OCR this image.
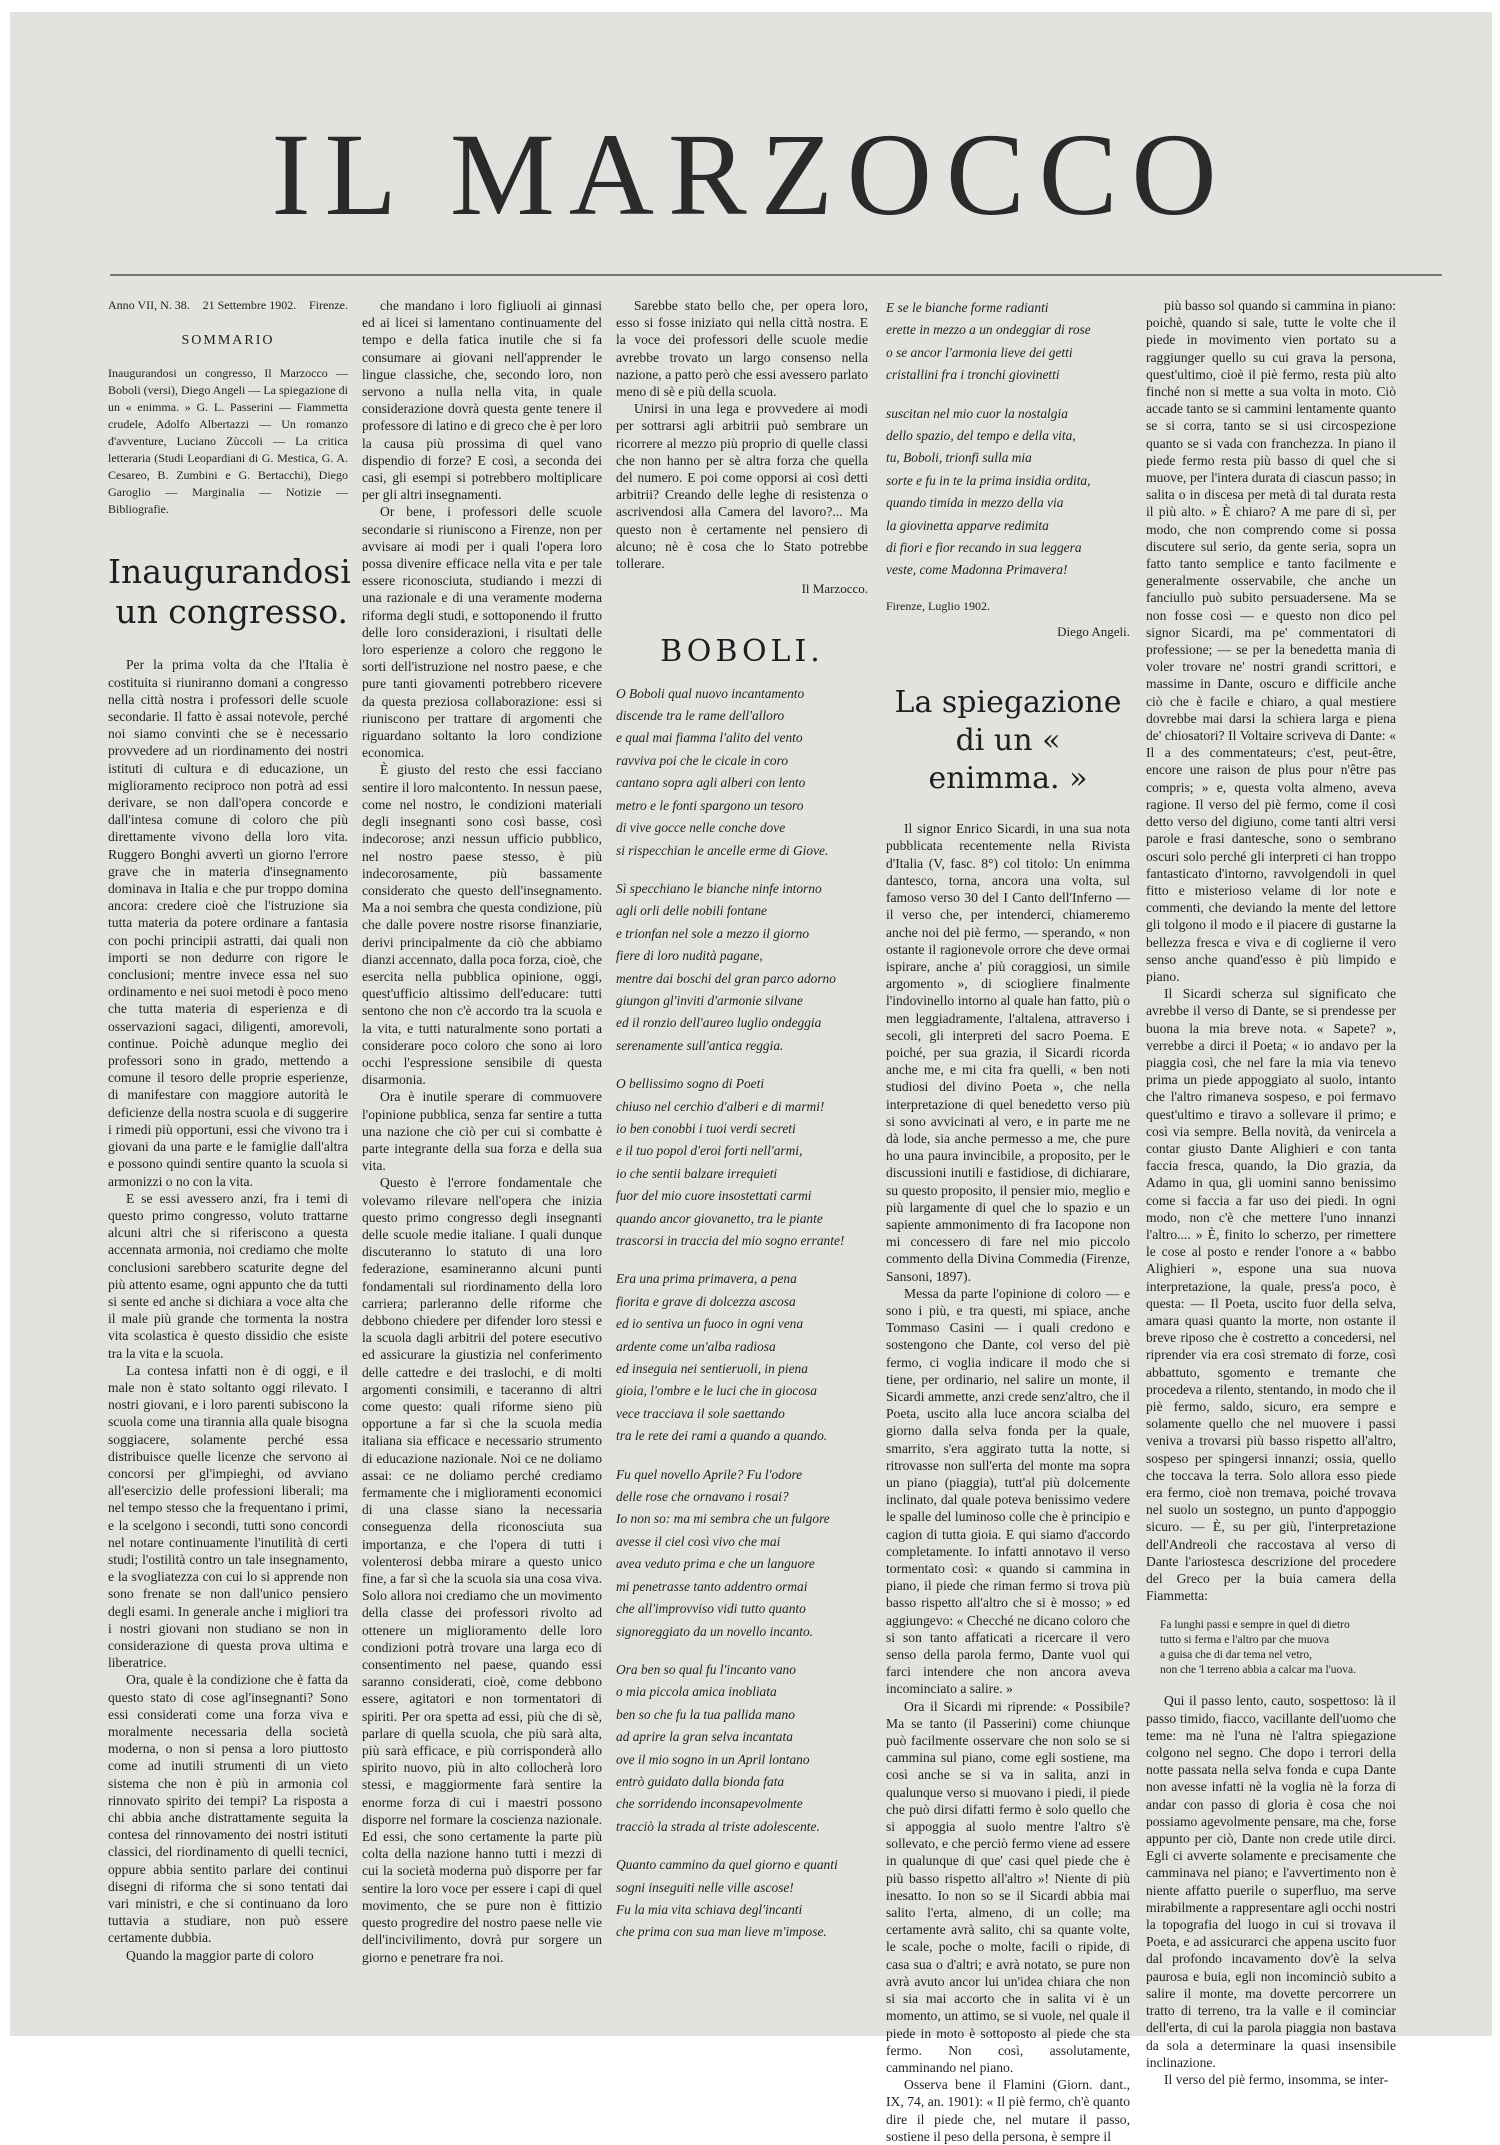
IL MARZOCCO
Anno VII, N. 38. 21 Settembre 1902. Firenze.
SOMMARIO
Inaugurandosi un congresso, Il Marzocco — Boboli (versi), Diego Angeli — La spiegazione di un « enimma. » G. L. Passerini — Fiammetta crudele, Adolfo Albertazzi — Un romanzo d'avventure, Luciano Zùccoli — La critica letteraria (Studi Leopardiani di G. Mestica, G. A. Cesareo, B. Zumbini e G. Bertacchi), Diego Garoglio — Marginalia — Notizie — Bibliografie.
Inaugurandosi
un congresso.

Per la prima volta da che l'Italia è costituita si riuniranno domani a congresso nella città nostra i professori delle scuole secondarie. Il fatto è assai notevole, perché noi siamo convinti che se è necessario provvedere ad un riordinamento dei nostri istituti di cultura e di educazione, un miglioramento reciproco non potrà ad essi derivare, se non dall'opera concorde e dall'intesa comune di coloro che più direttamente vivono della loro vita. Ruggero Bonghi avvertì un giorno l'errore grave che in materia d'insegnamento dominava in Italia e che pur troppo domina ancora: credere cioè che l'istruzione sia tutta materia da potere ordinare a fantasia con pochi principii astratti, dai quali non importi se non dedurre con rigore le conclusioni; mentre invece essa nel suo ordinamento e nei suoi metodi è poco meno che tutta materia di esperienza e di osservazioni sagaci, diligenti, amorevoli, continue. Poichè adunque meglio dei professori sono in grado, mettendo a comune il tesoro delle proprie esperienze, di manifestare con maggiore autorità le deficienze della nostra scuola e di suggerire i rimedi più opportuni, essi che vivono tra i giovani da una parte e le famiglie dall'altra e possono quindi sentire quanto la scuola si armonizzi o no con la vita.

E se essi avessero anzi, fra i temi di questo primo congresso, voluto trattarne alcuni altri che si riferiscono a questa accennata armonia, noi crediamo che molte conclusioni sarebbero scaturite degne del più attento esame, ogni appunto che da tutti si sente ed anche si dichiara a voce alta che il male più grande che tormenta la nostra vita scolastica è questo dissidio che esiste tra la vita e la scuola.

La contesa infatti non è di oggi, e il male non è stato soltanto oggi rilevato. I nostri giovani, e i loro parenti subiscono la scuola come una tirannia alla quale bisogna soggiacere, solamente perché essa distribuisce quelle licenze che servono ai concorsi per gl'impieghi, od avviano all'esercizio delle professioni liberali; ma nel tempo stesso che la frequentano i primi, e la scelgono i secondi, tutti sono concordi nel notare continuamente l'inutilità di certi studi; l'ostilità contro un tale insegnamento, e la svogliatezza con cui lo si apprende non sono frenate se non dall'unico pensiero degli esami. In generale anche i migliori tra i nostri giovani non studiano se non in considerazione di questa prova ultima e liberatrice.

Ora, quale è la condizione che è fatta da questo stato di cose agl'insegnanti? Sono essi considerati come una forza viva e moralmente necessaria della società moderna, o non si pensa a loro piuttosto come ad inutili strumenti di un vieto sistema che non è più in armonia col rinnovato spirito dei tempi? La risposta a chi abbia anche distrattamente seguita la contesa del rinnovamento dei nostri istituti classici, del riordinamento di quelli tecnici, oppure abbia sentito parlare dei continui disegni di riforma che si sono tentati dai vari ministri, e che si continuano da loro tuttavia a studiare, non può essere certamente dubbia.

Quando la maggior parte di coloro

che mandano i loro figliuoli ai ginnasi ed ai licei si lamentano continuamente del tempo e della fatica inutile che si fa consumare ai giovani nell'apprender le lingue classiche, che, secondo loro, non servono a nulla nella vita, in quale considerazione dovrà questa gente tenere il professore di latino e di greco che è per loro la causa più prossima di quel vano dispendio di forze? E così, a seconda dei casi, gli esempi si potrebbero moltiplicare per gli altri insegnamenti.

Or bene, i professori delle scuole secondarie si riuniscono a Firenze, non per avvisare ai modi per i quali l'opera loro possa divenire efficace nella vita e per tale essere riconosciuta, studiando i mezzi di una razionale e di una veramente moderna riforma degli studi, e sottoponendo il frutto delle loro considerazioni, i risultati delle loro esperienze a coloro che reggono le sorti dell'istruzione nel nostro paese, e che pure tanti giovamenti potrebbero ricevere da questa preziosa collaborazione: essi si riuniscono per trattare di argomenti che riguardano soltanto la loro condizione economica.

È giusto del resto che essi facciano sentire il loro malcontento. In nessun paese, come nel nostro, le condizioni materiali degli insegnanti sono così basse, così indecorose; anzi nessun ufficio pubblico, nel nostro paese stesso, è più indecorosamente, più bassamente considerato che questo dell'insegnamento. Ma a noi sembra che questa condizione, più che dalle povere nostre risorse finanziarie, derivi principalmente da ciò che abbiamo dianzi accennato, dalla poca forza, cioè, che esercita nella pubblica opinione, oggi, quest'ufficio altissimo dell'educare: tutti sentono che non c'è accordo tra la scuola e la vita, e tutti naturalmente sono portati a considerare poco coloro che sono ai loro occhi l'espressione sensibile di questa disarmonia.

Ora è inutile sperare di commuovere l'opinione pubblica, senza far sentire a tutta una nazione che ciò per cui si combatte è parte integrante della sua forza e della sua vita.

Questo è l'errore fondamentale che volevamo rilevare nell'opera che inizia questo primo congresso degli insegnanti delle scuole medie italiane. I quali dunque discuteranno lo statuto di una loro federazione, esamineranno alcuni punti fondamentali sul riordinamento della loro carriera; parleranno delle riforme che debbono chiedere per difender loro stessi e la scuola dagli arbitrii del potere esecutivo ed assicurare la giustizia nel conferimento delle cattedre e dei traslochi, e di molti argomenti consimili, e taceranno di altri come questo: quali riforme sieno più opportune a far sì che la scuola media italiana sia efficace e necessario strumento di educazione nazionale. Noi ce ne doliamo assai: ce ne doliamo perché crediamo fermamente che i miglioramenti economici di una classe siano la necessaria conseguenza della riconosciuta sua importanza, e che l'opera di tutti i volenterosi debba mirare a questo unico fine, a far sì che la scuola sia una cosa viva. Solo allora noi crediamo che un movimento della classe dei professori rivolto ad ottenere un miglioramento delle loro condizioni potrà trovare una larga eco di consentimento nel paese, quando essi saranno considerati, cioè, come debbono essere, agitatori e non tormentatori di spiriti. Per ora spetta ad essi, più che di sè, parlare di quella scuola, che più sarà alta, più sarà efficace, e più corrisponderà allo spirito nuovo, più in alto collocherà loro stessi, e maggiormente farà sentire la enorme forza di cui i maestri possono disporre nel formare la coscienza nazionale. Ed essi, che sono certamente la parte più colta della nazione hanno tutti i mezzi di cui la società moderna può disporre per far sentire la loro voce per essere i capi di quel movimento, che se pure non è fittizio questo progredire del nostro paese nelle vie dell'incivilimento, dovrà pur sorgere un giorno e penetrare fra noi.

Sarebbe stato bello che, per opera loro, esso si fosse iniziato qui nella città nostra. E la voce dei professori delle scuole medie avrebbe trovato un largo consenso nella nazione, a patto però che essi avessero parlato meno di sè e più della scuola.

Unirsi in una lega e provvedere ai modi per sottrarsi agli arbitrii può sembrare un ricorrere al mezzo più proprio di quelle classi che non hanno per sè altra forza che quella del numero. E poi come opporsi ai così detti arbitrii? Creando delle leghe di resistenza o ascrivendosi alla Camera del lavoro?... Ma questo non è certamente nel pensiero di alcuno; nè è cosa che lo Stato potrebbe tollerare.

Il Marzocco.
BOBOLI.
O Boboli qual nuovo incantamento
discende tra le rame dell'alloro
e qual mai fiamma l'alito del vento
ravviva poi che le cicale in coro
cantano sopra agli alberi con lento
metro e le fonti spargono un tesoro
di vive gocce nelle conche dove
si rispecchian le ancelle erme di Giove.
Sì specchiano le bianche ninfe intorno
agli orli delle nobili fontane
e trionfan nel sole a mezzo il giorno
fiere di loro nudità pagane,
mentre dai boschi del gran parco adorno
giungon gl'inviti d'armonie silvane
ed il ronzio dell'aureo luglio ondeggia
serenamente sull'antica reggia.
O bellissimo sogno di Poeti
chiuso nel cerchio d'alberi e di marmi!
io ben conobbi i tuoi verdi secreti
e il tuo popol d'eroi forti nell'armi,
io che sentii balzare irrequieti
fuor del mio cuore insostettati carmi
quando ancor giovanetto, tra le piante
trascorsi in traccia del mio sogno errante!
Era una prima primavera, a pena
fiorita e grave di dolcezza ascosa
ed io sentiva un fuoco in ogni vena
ardente come un'alba radiosa
ed inseguia nei sentieruoli, in piena
gioia, l'ombre e le luci che in giocosa
vece tracciava il sole saettando
tra le rete dei rami a quando a quando.
Fu quel novello Aprile? Fu l'odore
delle rose che ornavano i rosai?
Io non so: ma mi sembra che un fulgore
avesse il ciel così vivo che mai
avea veduto prima e che un languore
mi penetrasse tanto addentro ormai
che all'improvviso vidi tutto quanto
signoreggiato da un novello incanto.
Ora ben so qual fu l'incanto vano
o mia piccola amica inobliata
ben so che fu la tua pallida mano
ad aprire la gran selva incantata
ove il mio sogno in un April lontano
entrò guidato dalla bionda fata
che sorridendo inconsapevolmente
tracciò la strada al triste adolescente.
Quanto cammino da quel giorno e quanti
sogni inseguiti nelle ville ascose!
Fu la mia vita schiava degl'incanti
che prima con sua man lieve m'impose.
E se le bianche forme radianti
erette in mezzo a un ondeggiar di rose
o se ancor l'armonia lieve dei getti
cristallini fra i tronchi giovinetti
suscitan nel mio cuor la nostalgia
dello spazio, del tempo e della vita,
tu, Boboli, trionfi sulla mia
sorte e fu in te la prima insidia ordita,
quando timida in mezzo della via
la giovinetta apparve redimita
di fiori e fior recando in sua leggera
veste, come Madonna Primavera!
Firenze, Luglio 1902.
Diego Angeli.
La spiegazione
di un « enimma. »

Il signor Enrico Sicardi, in una sua nota pubblicata recentemente nella Rivista d'Italia (V, fasc. 8°) col titolo: Un enimma dantesco, torna, ancora una volta, sul famoso verso 30 del I Canto dell'Inferno — il verso che, per intenderci, chiameremo anche noi del piè fermo, — sperando, « non ostante il ragionevole orrore che deve ormai ispirare, anche a' più coraggiosi, un simile argomento », di sciogliere finalmente l'indovinello intorno al quale han fatto, più o men leggiadramente, l'altalena, attraverso i secoli, gli interpreti del sacro Poema. E poiché, per sua grazia, il Sicardi ricorda anche me, e mi cita fra quelli, « ben noti studiosi del divino Poeta », che nella interpretazione di quel benedetto verso più si sono avvicinati al vero, e in parte me ne dà lode, sia anche permesso a me, che pure ho una paura invincibile, a proposito, per le discussioni inutili e fastidiose, di dichiarare, su questo proposito, il pensier mio, meglio e più largamente di quel che lo spazio e un sapiente ammonimento di fra Iacopone non mi concessero di fare nel mio piccolo commento della Divina Commedia (Firenze, Sansoni, 1897).

Messa da parte l'opinione di coloro — e sono i più, e tra questi, mi spiace, anche Tommaso Casini — i quali credono e sostengono che Dante, col verso del piè fermo, ci voglia indicare il modo che si tiene, per ordinario, nel salire un monte, il Sicardi ammette, anzi crede senz'altro, che il Poeta, uscito alla luce ancora scialba del giorno dalla selva fonda per la quale, smarrito, s'era aggirato tutta la notte, si ritrovasse non sull'erta del monte ma sopra un piano (piaggia), tutt'al più dolcemente inclinato, dal quale poteva benissimo vedere le spalle del luminoso colle che è principio e cagion di tutta gioia. E qui siamo d'accordo completamente. Io infatti annotavo il verso tormentato così: « quando si cammina in piano, il piede che riman fermo si trova più basso rispetto all'altro che si è mosso; » ed aggiungevo: « Checché ne dicano coloro che si son tanto affaticati a ricercare il vero senso della parola fermo, Dante vuol qui farci intendere che non ancora aveva incominciato a salire. »

Ora il Sicardi mi riprende: « Possibile? Ma se tanto (il Passerini) come chiunque può facilmente osservare che non solo se si cammina sul piano, come egli sostiene, ma così anche se si va in salita, anzi in qualunque verso si muovano i piedi, il piede che può dirsi difatti fermo è solo quello che si appoggia al suolo mentre l'altro s'è sollevato, e che perciò fermo viene ad essere in qualunque di que' casi quel piede che è più basso rispetto all'altro »! Niente di più inesatto. Io non so se il Sicardi abbia mai salito l'erta, almeno, di un colle; ma certamente avrà salito, chi sa quante volte, le scale, poche o molte, facili o ripide, di casa sua o d'altri; e avrà notato, se pure non avrà avuto ancor lui un'idea chiara che non si sia mai accorto che in salita vi è un momento, un attimo, se si vuole, nel quale il piede in moto è sottoposto al piede che sta fermo. Non così, assolutamente, camminando nel piano.

Osserva bene il Flamini (Giorn. dant., IX, 74, an. 1901): « Il piè fermo, ch'è quanto dire il piede che, nel mutare il passo, sostiene il peso della persona, è sempre il

più basso sol quando si cammina in piano: poichè, quando si sale, tutte le volte che il piede in movimento vien portato su a raggiunger quello su cui grava la persona, quest'ultimo, cioè il piè fermo, resta più alto finché non si mette a sua volta in moto. Ciò accade tanto se si cammini lentamente quanto se si corra, tanto se si usi circospezione quanto se si vada con franchezza. In piano il piede fermo resta più basso di quel che si muove, per l'intera durata di ciascun passo; in salita o in discesa per metà di tal durata resta il più alto. » È chiaro? A me pare di sì, per modo, che non comprendo come si possa discutere sul serio, da gente seria, sopra un fatto tanto semplice e tanto facilmente e generalmente osservabile, che anche un fanciullo può subito persuadersene. Ma se non fosse così — e questo non dico pel signor Sicardi, ma pe' commentatori di professione; — se per la benedetta manìa di voler trovare ne' nostri grandi scrittori, e massime in Dante, oscuro e difficile anche ciò che è facile e chiaro, a qual mestiere dovrebbe mai darsi la schiera larga e piena de' chiosatori? Il Voltaire scriveva di Dante: « Il a des commentateurs; c'est, peut-être, encore une raison de plus pour n'être pas compris; » e, questa volta almeno, aveva ragione. Il verso del piè fermo, come il così detto verso del digiuno, come tanti altri versi parole e frasi dantesche, sono o sembrano oscuri solo perché gli interpreti ci han troppo fantasticato d'intorno, ravvolgendoli in quel fitto e misterioso velame di lor note e commenti, che deviando la mente del lettore gli tolgono il modo e il piacere di gustarne la bellezza fresca e viva e di coglierne il vero senso anche quand'esso è più limpido e piano.

Il Sicardi scherza sul significato che avrebbe il verso di Dante, se si prendesse per buona la mia breve nota. « Sapete? », verrebbe a dirci il Poeta; « io andavo per la piaggia così, che nel fare la mia via tenevo prima un piede appoggiato al suolo, intanto che l'altro rimaneva sospeso, e poi fermavo quest'ultimo e tiravo a sollevare il primo; e così via sempre. Bella novità, da venircela a contar giusto Dante Alighieri e con tanta faccia fresca, quando, la Dio grazia, da Adamo in qua, gli uomini sanno benissimo come si faccia a far uso dei piedi. In ogni modo, non c'è che mettere l'uno innanzi l'altro.... » È, finito lo scherzo, per rimettere le cose al posto e render l'onore a « babbo Alighieri », espone una sua nuova interpretazione, la quale, press'a poco, è questa: — Il Poeta, uscito fuor della selva, amara quasi quanto la morte, non ostante il breve riposo che è costretto a concedersi, nel riprender via era così stremato di forze, così abbattuto, sgomento e tremante che procedeva a rilento, stentando, in modo che il piè fermo, saldo, sicuro, era sempre e solamente quello che nel muovere i passi veniva a trovarsi più basso rispetto all'altro, sospeso per spingersi innanzi; ossia, quello che toccava la terra. Solo allora esso piede era fermo, cioè non tremava, poiché trovava nel suolo un sostegno, un punto d'appoggio sicuro. — È, su per giù, l'interpretazione dell'Andreoli che raccostava al verso di Dante l'ariostesca descrizione del procedere del Greco per la buia camera della Fiammetta:

Fa lunghi passi e sempre in quel di dietro
tutto si ferma e l'altro par che muova
a guisa che di dar tema nel vetro,
non che 'l terreno abbia a calcar ma l'uova.

Qui il passo lento, cauto, sospettoso: là il passo timido, fiacco, vacillante dell'uomo che teme: ma nè l'una nè l'altra spiegazione colgono nel segno. Che dopo i terrori della notte passata nella selva fonda e cupa Dante non avesse infatti nè la voglia nè la forza di andar con passo di gloria è cosa che noi possiamo agevolmente pensare, ma che, forse appunto per ciò, Dante non crede utile dirci. Egli ci avverte solamente e precisamente che camminava nel piano; e l'avvertimento non è niente affatto puerile o superfluo, ma serve mirabilmente a rappresentare agli occhi nostri la topografia del luogo in cui si trovava il Poeta, e ad assicurarci che appena uscito fuor dal profondo incavamento dov'è la selva paurosa e buia, egli non incominciò subito a salire il monte, ma dovette percorrere un tratto di terreno, tra la valle e il cominciar dell'erta, di cui la parola piaggia non bastava da sola a determinare la quasi insensibile inclinazione.

Il verso del piè fermo, insomma, se inter-
